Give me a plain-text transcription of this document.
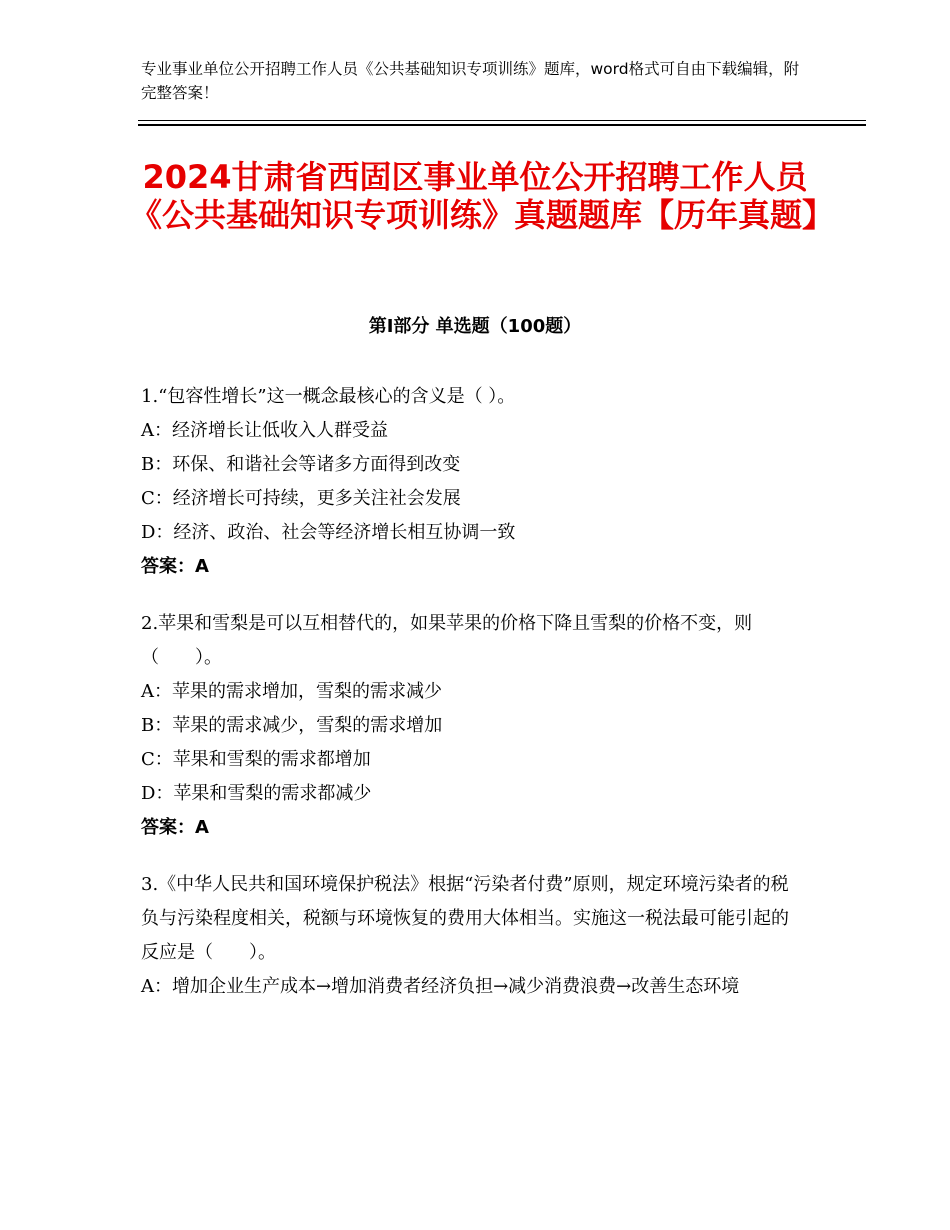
专业事业单位公开招聘工作人员《公共基础知识专项训练》题库，word格式可自由下载编辑，附完整答案！
2024甘肃省西固区事业单位公开招聘工作人员《公共基础知识专项训练》真题题库【历年真题】
第Ⅰ部分 单选题（100题）

1.“包容性增长”这一概念最核心的含义是（ ）。

A：经济增长让低收入人群受益

B：环保、和谐社会等诸多方面得到改变

C：经济增长可持续，更多关注社会发展

D：经济、政治、社会等经济增长相互协调一致

答案：A

2.苹果和雪梨是可以互相替代的，如果苹果的价格下降且雪梨的价格不变，则（　　）。

A：苹果的需求增加，雪梨的需求减少

B：苹果的需求减少，雪梨的需求增加

C：苹果和雪梨的需求都增加

D：苹果和雪梨的需求都减少

答案：A

3.《中华人民共和国环境保护税法》根据“污染者付费”原则，规定环境污染者的税负与污染程度相关，税额与环境恢复的费用大体相当。实施这一税法最可能引起的反应是（　　）。

A：增加企业生产成本→增加消费者经济负担→减少消费浪费→改善生态环境
